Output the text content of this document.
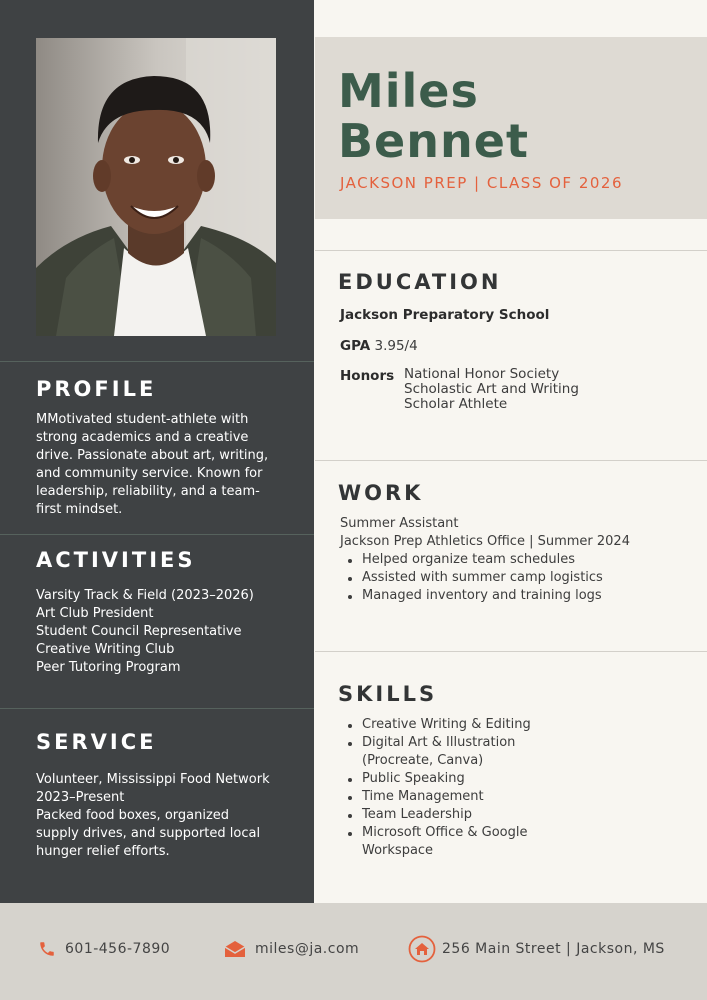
PROFILE
MMotivated student-athlete with
strong academics and a creative
drive. Passionate about art, writing,
and community service. Known for
leadership, reliability, and a team-
first mindset.
ACTIVITIES
Varsity Track & Field (2023–2026)
Art Club President
Student Council Representative
Creative Writing Club
Peer Tutoring Program
SERVICE
Volunteer, Mississippi Food Network
2023–Present
Packed food boxes, organized
supply drives, and supported local
hunger relief efforts.
Miles
Bennet
JACKSON PREP | CLASS OF 2026
EDUCATION
Jackson Preparatory School
GPA 3.95/4
Honors National Honor Society
Scholastic Art and Writing
Scholar Athlete
WORK
Summer Assistant
Jackson Prep Athletics Office | Summer 2024
Helped organize team schedules
Assisted with summer camp logistics
Managed inventory and training logs
SKILLS
Creative Writing & Editing
Digital Art & Illustration
(Procreate, Canva)
Public Speaking
Time Management
Team Leadership
Microsoft Office & Google
Workspace
601-456-7890	miles@ja.com	256 Main Street | Jackson, MS
